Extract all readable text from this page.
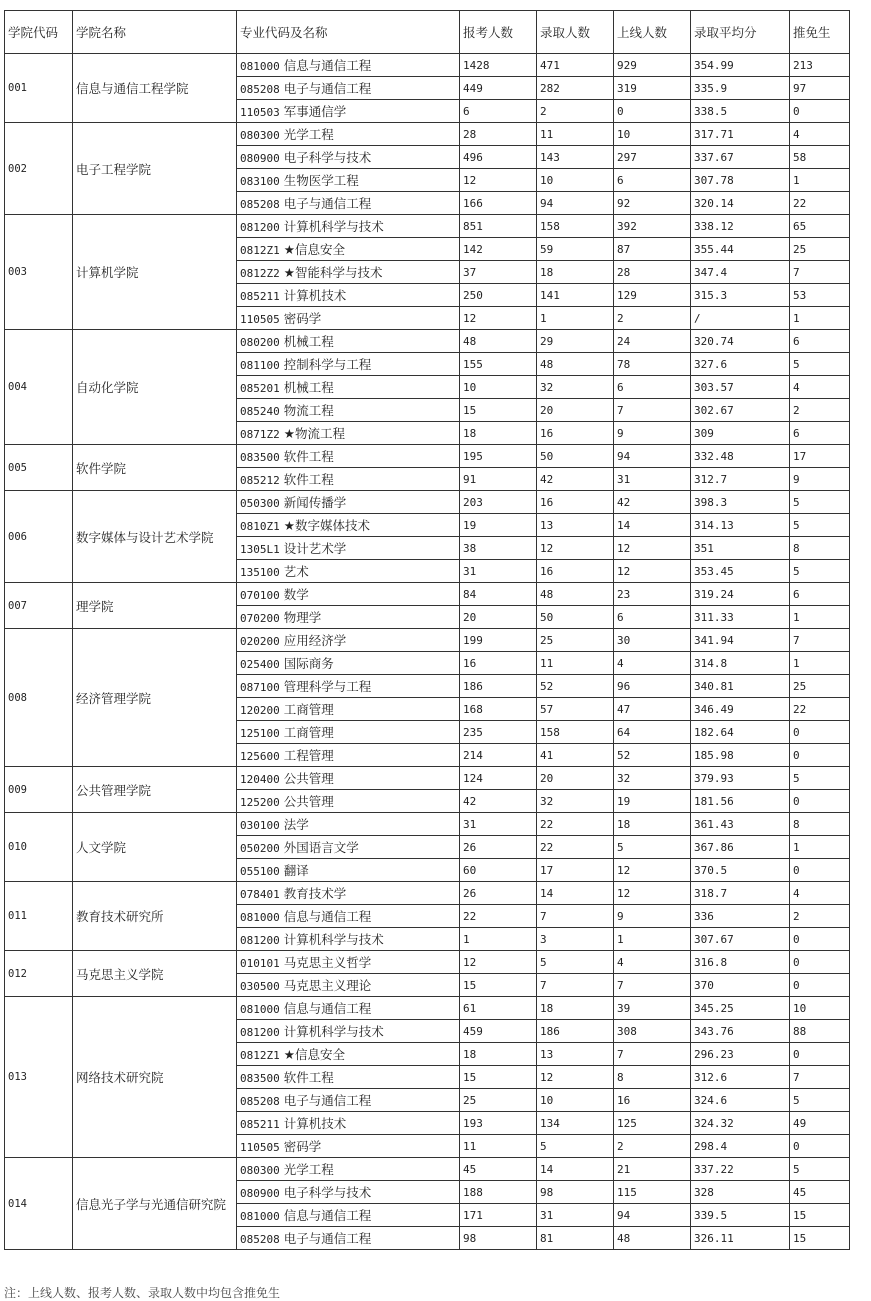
学院代码	学院名称	专业代码及名称	报考人数	录取人数	上线人数	录取平均分	推免生
001	信息与通信工程学院	081000 信息与通信工程	1428	471	929	354.99	213
		085208 电子与通信工程	449	282	319	335.9	97
		110503 军事通信学	6	2	0	338.5	0
002	电子工程学院	080300 光学工程	28	11	10	317.71	4
		080900 电子科学与技术	496	143	297	337.67	58
		083100 生物医学工程	12	10	6	307.78	1
		085208 电子与通信工程	166	94	92	320.14	22
003	计算机学院	081200 计算机科学与技术	851	158	392	338.12	65
		0812Z1 ★信息安全	142	59	87	355.44	25
		0812Z2 ★智能科学与技术	37	18	28	347.4	7
		085211 计算机技术	250	141	129	315.3	53
		110505 密码学	12	1	2	/	1
004	自动化学院	080200 机械工程	48	29	24	320.74	6
		081100 控制科学与工程	155	48	78	327.6	5
		085201 机械工程	10	32	6	303.57	4
		085240 物流工程	15	20	7	302.67	2
		0871Z2 ★物流工程	18	16	9	309	6
005	软件学院	083500 软件工程	195	50	94	332.48	17
		085212 软件工程	91	42	31	312.7	9
006	数字媒体与设计艺术学院	050300 新闻传播学	203	16	42	398.3	5
		0810Z1 ★数字媒体技术	19	13	14	314.13	5
		1305L1 设计艺术学	38	12	12	351	8
		135100 艺术	31	16	12	353.45	5
007	理学院	070100 数学	84	48	23	319.24	6
		070200 物理学	20	50	6	311.33	1
008	经济管理学院	020200 应用经济学	199	25	30	341.94	7
		025400 国际商务	16	11	4	314.8	1
		087100 管理科学与工程	186	52	96	340.81	25
		120200 工商管理	168	57	47	346.49	22
		125100 工商管理	235	158	64	182.64	0
		125600 工程管理	214	41	52	185.98	0
009	公共管理学院	120400 公共管理	124	20	32	379.93	5
		125200 公共管理	42	32	19	181.56	0
010	人文学院	030100 法学	31	22	18	361.43	8
		050200 外国语言文学	26	22	5	367.86	1
		055100 翻译	60	17	12	370.5	0
011	教育技术研究所	078401 教育技术学	26	14	12	318.7	4
		081000 信息与通信工程	22	7	9	336	2
		081200 计算机科学与技术	1	3	1	307.67	0
012	马克思主义学院	010101 马克思主义哲学	12	5	4	316.8	0
		030500 马克思主义理论	15	7	7	370	0
013	网络技术研究院	081000 信息与通信工程	61	18	39	345.25	10
		081200 计算机科学与技术	459	186	308	343.76	88
		0812Z1 ★信息安全	18	13	7	296.23	0
		083500 软件工程	15	12	8	312.6	7
		085208 电子与通信工程	25	10	16	324.6	5
		085211 计算机技术	193	134	125	324.32	49
		110505 密码学	11	5	2	298.4	0
014	信息光子学与光通信研究院	080300 光学工程	45	14	21	337.22	5
		080900 电子科学与技术	188	98	115	328	45
		081000 信息与通信工程	171	31	94	339.5	15
		085208 电子与通信工程	98	81	48	326.11	15
注：上线人数、报考人数、录取人数中均包含推免生
